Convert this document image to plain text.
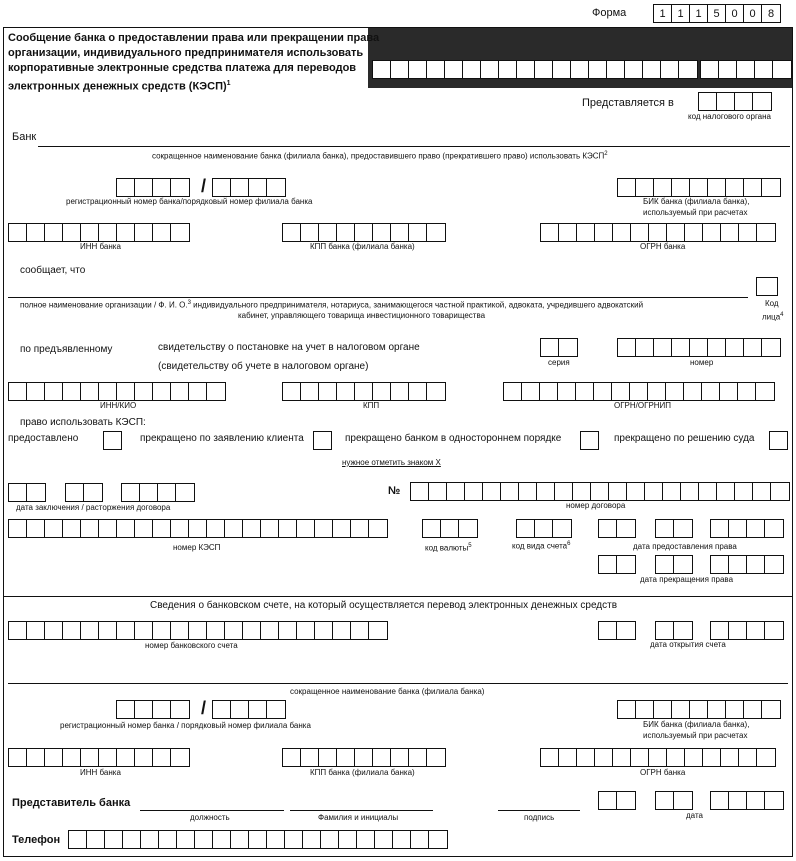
Форма	1	1	1	5	0	0	8
Сообщение банка о предоставлении права или прекращении права
организации, индивидуального предпринимателя использовать
корпоративные электронные средства платежа для переводов
электронных денежных средств (КЭСП)$^1$
Представляется в
код налогового органа
Банк
сокращенное наименование банка (филиала банка), предоставившего право (прекратившего право) использовать КЭСП$^2$
/
регистрационный номер банка/порядковый номер филиала банка	БИК банка (филиала банка),
используемый при расчетах
ИНН банка	КПП банка (филиала банка)	ОГРН банка
сообщает, что
полное наименование организации / Ф. И. О.$^3$ индивидуального предпринимателя, нотариуса, занимающегося частной практикой, адвоката, учредившего адвокатский
кабинет, управляющего товарища инвестиционного товарищества
Код
лица$^4$
по предъявленному	свидетельству о постановке на учет в налоговом органе
(свидетельству об учете в налоговом органе)	серия	номер
ИНН/КИО	КПП	ОГРН/ОГРНИП
право использовать КЭСП:
предоставлено	прекращено по заявлению клиента	прекращено банком в одностороннем порядке	прекращено по решению суда
нужное отметить знаком Х
дата заключения / расторжения договора
№
номер договора
номер КЭСП	код валюты$^5$	код вида счета$^6$	дата предоставления права
дата прекращения права
Сведения о банковском счете, на который осуществляется перевод электронных денежных средств
номер банковского счета	дата открытия счета
сокращенное наименование банка (филиала банка)
/
регистрационный номер банка / порядковый номер филиала банка	БИК банка (филиала банка),
используемый при расчетах
ИНН банка	КПП банка (филиала банка)	ОГРН банка
Представитель банка
должность	Фамилия и инициалы	подпись	дата
Телефон
